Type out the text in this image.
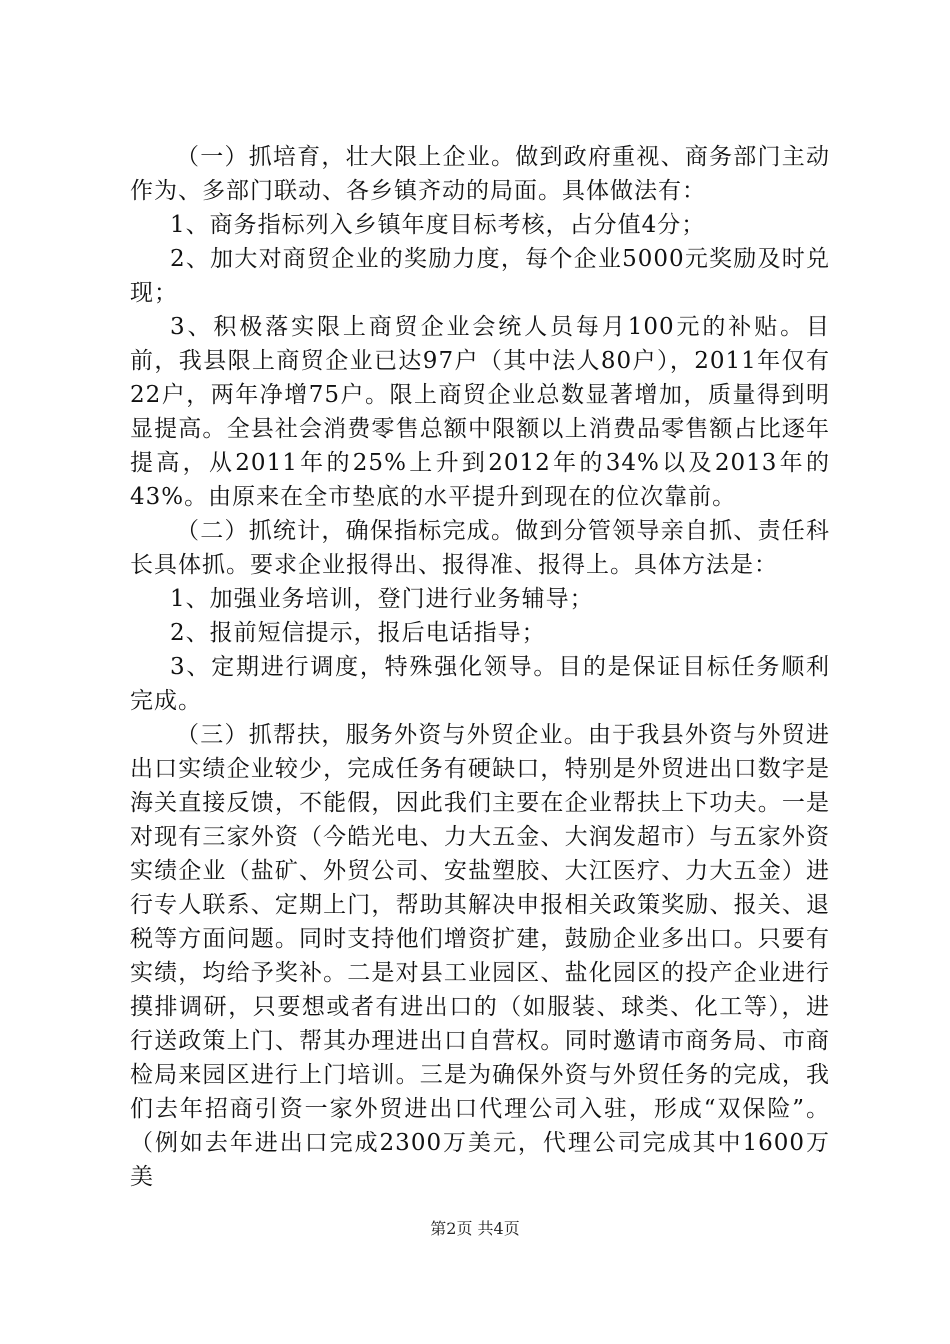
（一）抓培育，壮大限上企业。做到政府重视、商务部门主动作为、多部门联动、各乡镇齐动的局面。具体做法有：

1、商务指标列入乡镇年度目标考核，占分值4分；

2、加大对商贸企业的奖励力度，每个企业5000元奖励及时兑现；

3、积极落实限上商贸企业会统人员每月100元的补贴。目前，我县限上商贸企业已达97户（其中法人80户），2011年仅有22户，两年净增75户。限上商贸企业总数显著增加，质量得到明显提高。全县社会消费零售总额中限额以上消费品零售额占比逐年提高，从2011年的25%上升到2012年的34%以及2013年的43%。由原来在全市垫底的水平提升到现在的位次靠前。

（二）抓统计，确保指标完成。做到分管领导亲自抓、责任科长具体抓。要求企业报得出、报得准、报得上。具体方法是：

1、加强业务培训，登门进行业务辅导；

2、报前短信提示，报后电话指导；

3、定期进行调度，特殊强化领导。目的是保证目标任务顺利完成。

（三）抓帮扶，服务外资与外贸企业。由于我县外资与外贸进出口实绩企业较少，完成任务有硬缺口，特别是外贸进出口数字是海关直接反馈，不能假，因此我们主要在企业帮扶上下功夫。一是对现有三家外资（今皓光电、力大五金、大润发超市）与五家外资实绩企业（盐矿、外贸公司、安盐塑胶、大江医疗、力大五金）进行专人联系、定期上门，帮助其解决申报相关政策奖励、报关、退税等方面问题。同时支持他们增资扩建，鼓励企业多出口。只要有实绩，均给予奖补。二是对县工业园区、盐化园区的投产企业进行摸排调研，只要想或者有进出口的（如服装、球类、化工等），进行送政策上门、帮其办理进出口自营权。同时邀请市商务局、市商检局来园区进行上门培训。三是为确保外资与外贸任务的完成，我们去年招商引资一家外贸进出口代理公司入驻，形成“双保险”。（例如去年进出口完成2300万美元，代理公司完成其中1600万美

第2页 共4页
